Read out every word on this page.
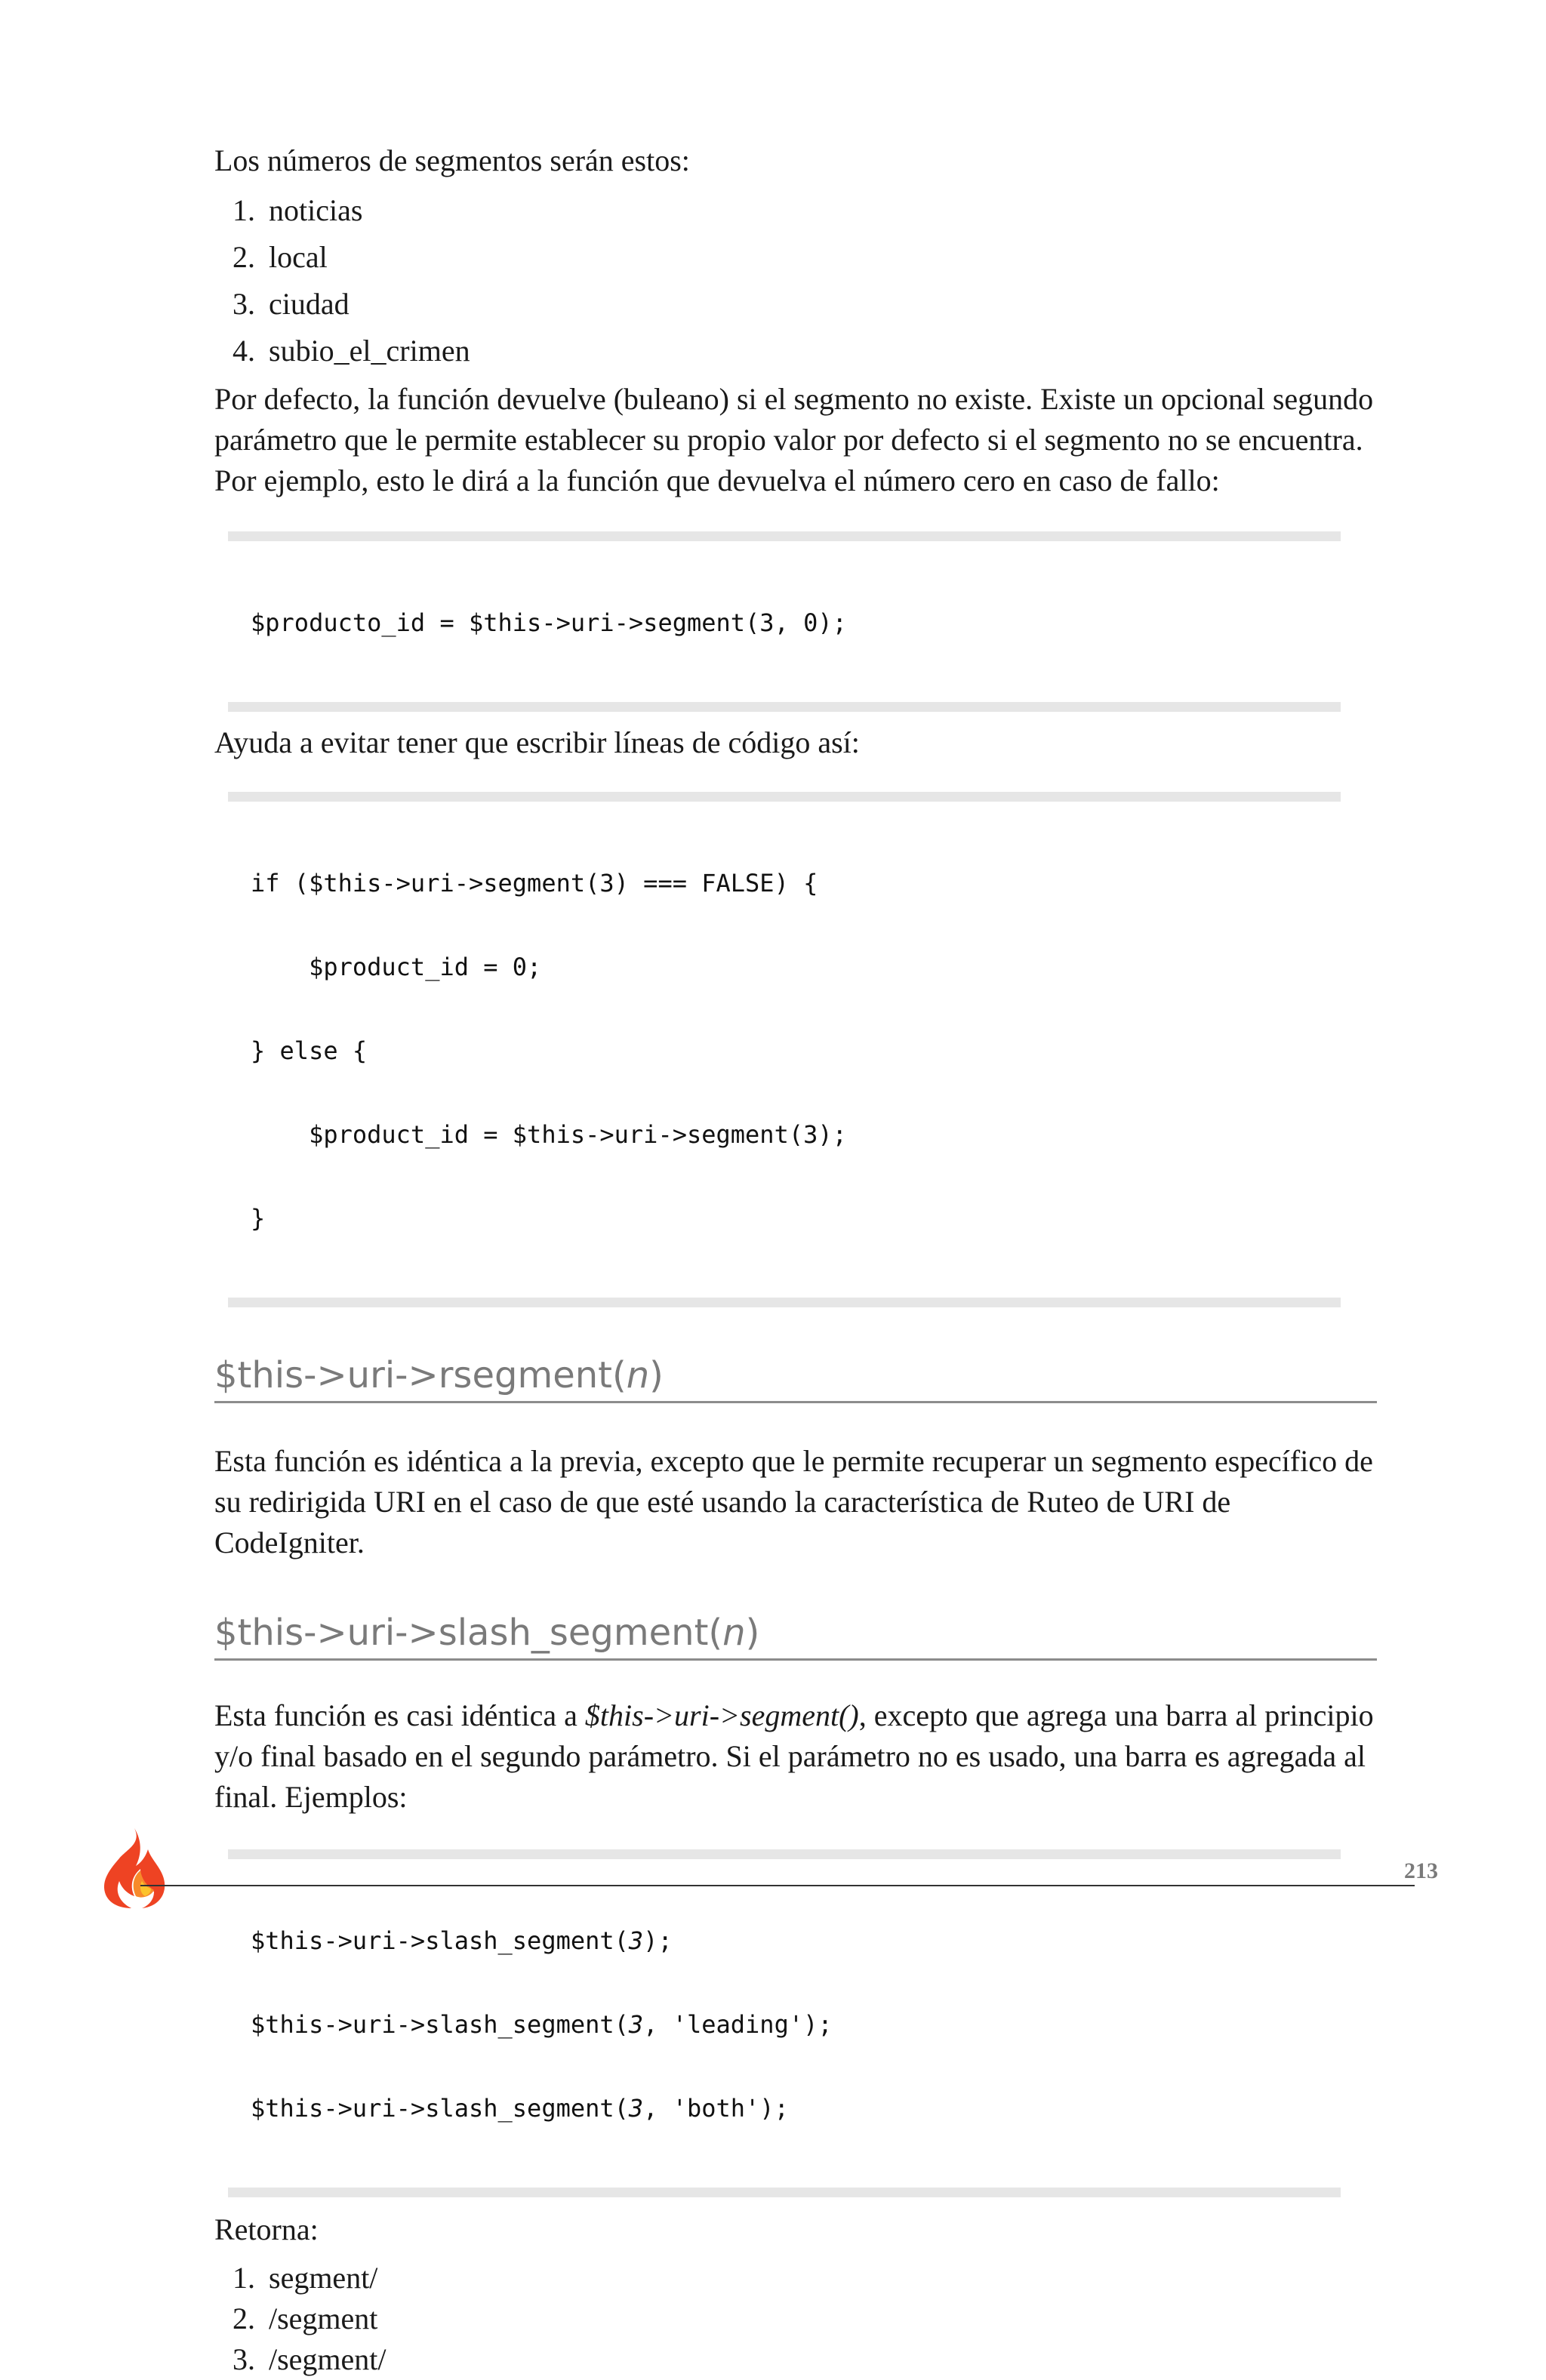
Los números de segmentos serán estos:

1. noticias
2. local
3. ciudad
4. subio_el_crimen

Por defecto, la función devuelve (buleano) si el segmento no existe. Existe un opcional segundo parámetro que le permite establecer su propio valor por defecto si el segmento no se encuentra. Por ejemplo, esto le dirá a la función que devuelva el número cero en caso de fallo:

$producto_id = $this->uri->segment(3, 0);

Ayuda a evitar tener que escribir líneas de código así:

if ($this->uri->segment(3) === FALSE) {

$product_id = 0;

} else {

$product_id = $this->uri->segment(3);

}

$this->uri->rsegment(n)

Esta función es idéntica a la previa, excepto que le permite recuperar un segmento específico de su redirigida URI en el caso de que esté usando la característica de Ruteo de URI de CodeIgniter.

$this->uri->slash_segment(n)

Esta función es casi idéntica a $this->uri->segment(), excepto que agrega una barra al principio y/o final basado en el segundo parámetro. Si el parámetro no es usado, una barra es agregada al final. Ejemplos:

$this->uri->slash_segment(3);

$this->uri->slash_segment(3, 'leading');

$this->uri->slash_segment(3, 'both');

Retorna:

1. segment/
2. /segment
3. /segment/
213
